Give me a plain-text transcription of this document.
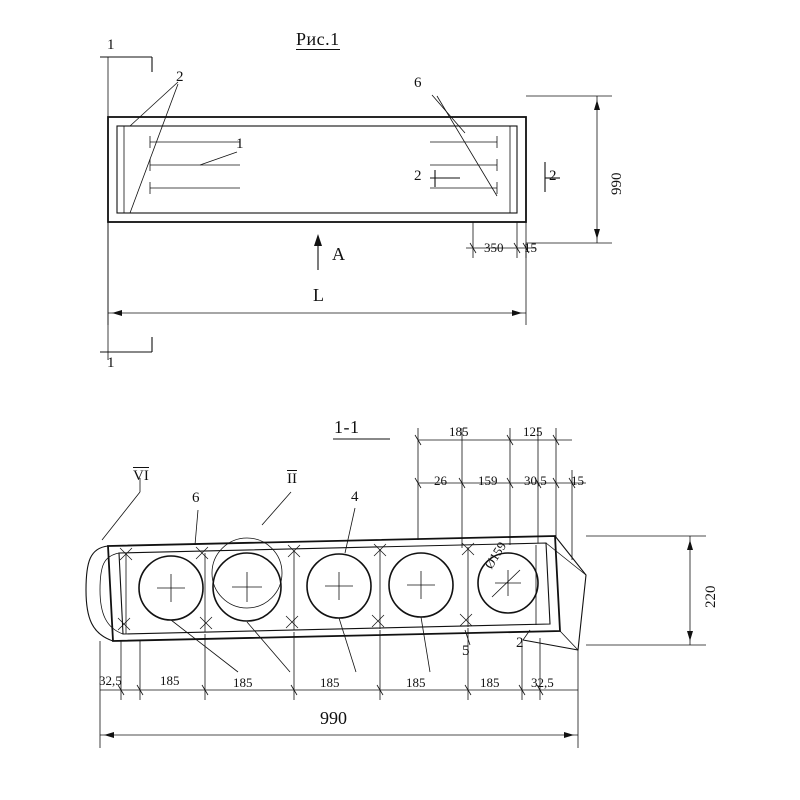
Рис.1
1
1
2
1
6
2	2
A
990
L
350 15
1-1	185	125
26 159 30,5 15
VI
6
II
4
5	2
Ø159
220
32,5	185	185	185	185	185 32,5
990
